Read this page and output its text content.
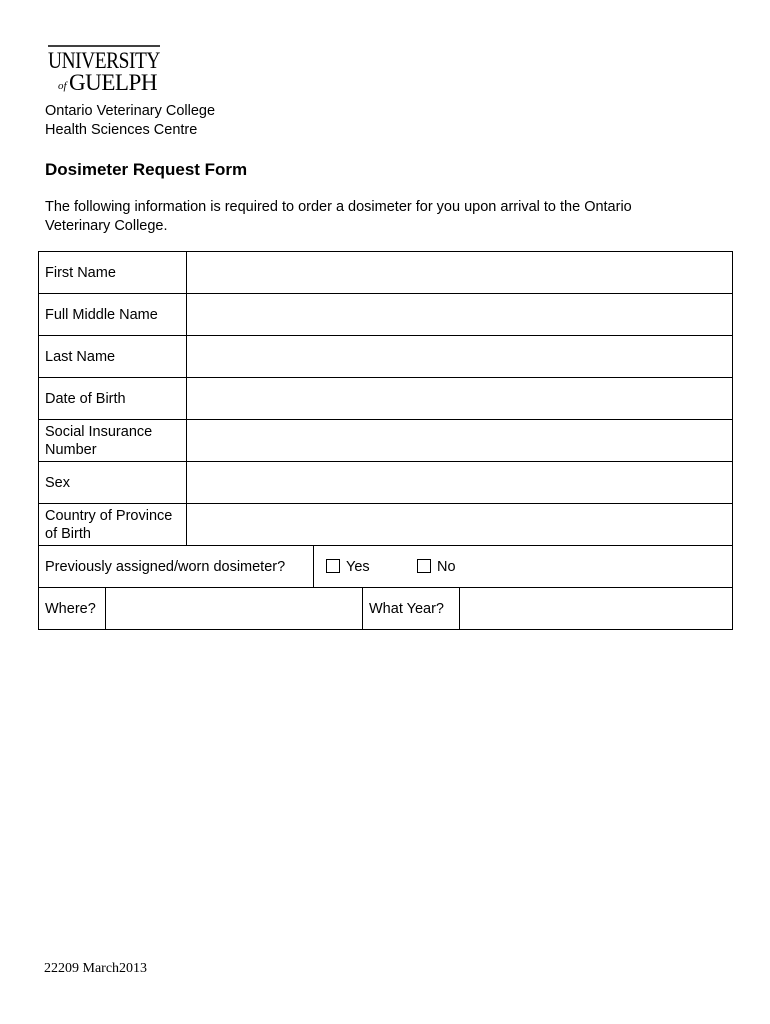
UNIVERSITY
of GUELPH
Ontario Veterinary College
Health Sciences Centre
Dosimeter Request Form
The following information is required to order a dosimeter for you upon arrival to the Ontario Veterinary College.
First Name
Full Middle Name
Last Name
Date of Birth
Social Insurance Number
Sex
Country of Province of Birth
Previously assigned/worn dosimeter?	Yes	No
Where?	What Year?
22209 March2013
